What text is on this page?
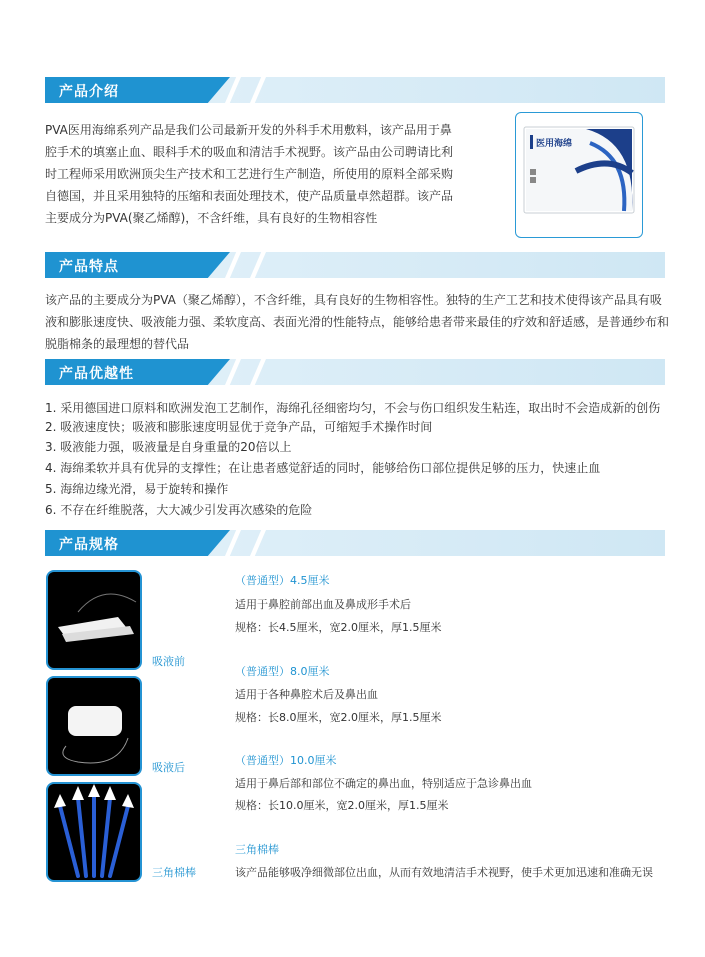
产品介绍
PVA医用海绵系列产品是我们公司最新开发的外科手术用敷料，该产品用于鼻
腔手术的填塞止血、眼科手术的吸血和清洁手术视野。该产品由公司聘请比利
时工程师采用欧洲顶尖生产技术和工艺进行生产制造，所使用的原料全部采购
自德国，并且采用独特的压缩和表面处理技术，使产品质量卓然超群。该产品
主要成分为PVA(聚乙烯醇)，不含纤维，具有良好的生物相容性
医用海绵
产品特点
该产品的主要成分为PVA（聚乙烯醇），不含纤维，具有良好的生物相容性。独特的生产工艺和技术使得该产品具有吸
液和膨胀速度快、吸液能力强、柔软度高、表面光滑的性能特点，能够给患者带来最佳的疗效和舒适感，是普通纱布和
脱脂棉条的最理想的替代品
产品优越性
1. 采用德国进口原料和欧洲发泡工艺制作，海绵孔径细密均匀，不会与伤口组织发生粘连，取出时不会造成新的创伤
2. 吸液速度快；吸液和膨胀速度明显优于竞争产品，可缩短手术操作时间
3. 吸液能力强，吸液量是自身重量的20倍以上
4. 海绵柔软并具有优异的支撑性；在让患者感觉舒适的同时，能够给伤口部位提供足够的压力，快速止血
5. 海绵边缘光滑，易于旋转和操作
6. 不存在纤维脱落，大大减少引发再次感染的危险
产品规格
吸液前
吸液后
三角棉棒
（普通型）4.5厘米
适用于鼻腔前部出血及鼻成形手术后
规格：长4.5厘米，宽2.0厘米，厚1.5厘米
（普通型）8.0厘米
适用于各种鼻腔术后及鼻出血
规格：长8.0厘米，宽2.0厘米，厚1.5厘米
（普通型）10.0厘米
适用于鼻后部和部位不确定的鼻出血，特别适应于急诊鼻出血
规格：长10.0厘米，宽2.0厘米，厚1.5厘米
三角棉棒
该产品能够吸净细微部位出血，从而有效地清洁手术视野，使手术更加迅速和准确无误
